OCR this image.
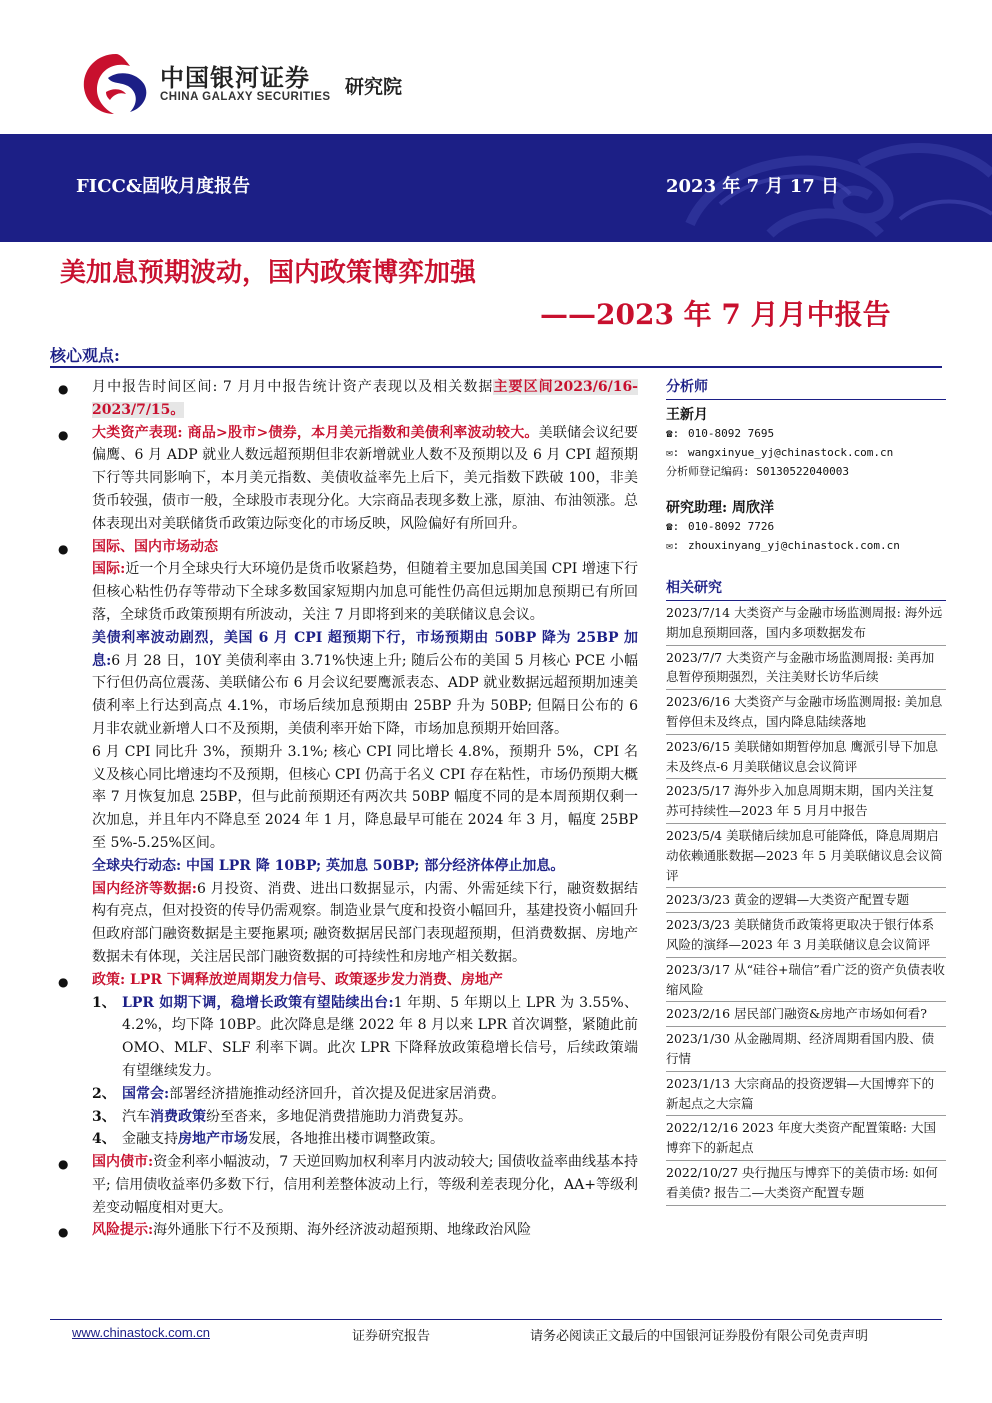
中国银河证券
CHINA GALAXY SECURITIES 研究院
FICC&固收月度报告	2023 年 7 月 17 日
美加息预期波动，国内政策博弈加强
——2023 年 7 月月中报告
核心观点:

● 月中报告时间区间: 7 月月中报告统计资产表现以及相关数据主要区间2023/6/16-2023/7/15。

● 大类资产表现: 商品>股市>债券，本月美元指数和美债利率波动较大。美联储会议纪要偏鹰、6 月 ADP 就业人数远超预期但非农新增就业人数不及预期以及 6 月 CPI 超预期下行等共同影响下，本月美元指数、美债收益率先上后下，美元指数下跌破 100，非美货币较强，债市一般，全球股市表现分化。大宗商品表现多数上涨，原油、布油领涨。总体表现出对美联储货币政策边际变化的市场反映，风险偏好有所回升。

● 国际、国内市场动态

国际:近一个月全球央行大环境仍是货币收紧趋势，但随着主要加息国美国 CPI 增速下行但核心粘性仍存等带动下全球多数国家短期内加息可能性仍高但远期加息预期已有所回落，全球货币政策预期有所波动，关注 7 月即将到来的美联储议息会议。

美债利率波动剧烈，美国 6 月 CPI 超预期下行，市场预期由 50BP 降为 25BP 加息:6 月 28 日，10Y 美债利率由 3.71%快速上升; 随后公布的美国 5 月核心 PCE 小幅下行但仍高位震荡、美联储公布 6 月会议纪要鹰派表态、ADP 就业数据远超预期加速美债利率上行达到高点 4.1%，市场后续加息预期由 25BP 升为 50BP; 但隔日公布的 6 月非农就业新增人口不及预期，美债利率开始下降，市场加息预期开始回落。

6 月 CPI 同比升 3%，预期升 3.1%; 核心 CPI 同比增长 4.8%，预期升 5%，CPI 名义及核心同比增速均不及预期，但核心 CPI 仍高于名义 CPI 存在粘性，市场仍预期大概率 7 月恢复加息 25BP，但与此前预期还有两次共 50BP 幅度不同的是本周预期仅剩一次加息，并且年内不降息至 2024 年 1 月，降息最早可能在 2024 年 3 月，幅度 25BP 至 5%-5.25%区间。

全球央行动态: 中国 LPR 降 10BP; 英加息 50BP; 部分经济体停止加息。

国内经济等数据:6 月投资、消费、进出口数据显示，内需、外需延续下行，融资数据结构有亮点，但对投资的传导仍需观察。制造业景气度和投资小幅回升，基建投资小幅回升但政府部门融资数据是主要拖累项; 融资数据居民部门表现超预期，但消费数据、房地产数据未有体现，关注居民部门融资数据的可持续性和房地产相关数据。

● 政策: LPR 下调释放逆周期发力信号、政策逐步发力消费、房地产

1、 LPR 如期下调，稳增长政策有望陆续出台:1 年期、5 年期以上 LPR 为 3.55%、4.2%，均下降 10BP。此次降息是继 2022 年 8 月以来 LPR 首次调整，紧随此前 OMO、MLF、SLF 利率下调。此次 LPR 下降释放政策稳增长信号，后续政策端有望继续发力。

2、 国常会:部署经济措施推动经济回升，首次提及促进家居消费。

3、 汽车消费政策纷至沓来，多地促消费措施助力消费复苏。

4、 金融支持房地产市场发展，各地推出楼市调整政策。

● 国内债市:资金利率小幅波动，7 天逆回购加权利率月内波动较大; 国债收益率曲线基本持平; 信用债收益率仍多数下行，信用利差整体波动上行，等级利差表现分化，AA+等级利差变动幅度相对更大。

● 风险提示:海外通胀下行不及预期、海外经济波动超预期、地缘政治风险

分析师
王新月
☎: 010-8092 7695
✉: wangxinyue_yj@chinastock.com.cn
分析师登记编码: S0130522040003
研究助理: 周欣洋
☎: 010-8092 7726
✉: zhouxinyang_yj@chinastock.com.cn
相关研究
2023/7/14 大类资产与金融市场监测周报: 海外远期加息预期回落，国内多项数据发布
2023/7/7 大类资产与金融市场监测周报: 美再加息暂停预期强烈，关注美财长访华后续
2023/6/16 大类资产与金融市场监测周报: 美加息暂停但未及终点，国内降息陆续落地
2023/6/15 美联储如期暂停加息 鹰派引导下加息未及终点-6 月美联储议息会议简评
2023/5/17 海外步入加息周期末期，国内关注复苏可持续性—2023 年 5 月月中报告
2023/5/4 美联储后续加息可能降低，降息周期启动依赖通胀数据—2023 年 5 月美联储议息会议简评
2023/3/23 黄金的逻辑—大类资产配置专题
2023/3/23 美联储货币政策将更取决于银行体系风险的演绎—2023 年 3 月美联储议息会议简评
2023/3/17 从“硅谷+瑞信”看广泛的资产负债表收缩风险
2023/2/16 居民部门融资&房地产市场如何看?
2023/1/30 从金融周期、经济周期看国内股、债行情
2023/1/13 大宗商品的投资逻辑—大国博弈下的新起点之大宗篇
2022/12/16 2023 年度大类资产配置策略: 大国博弈下的新起点
2022/10/27 央行抛压与博弈下的美债市场: 如何看美债? 报告二—大类资产配置专题
www.chinastock.com.cn	证券研究报告	请务必阅读正文最后的中国银河证券股份有限公司免责声明
